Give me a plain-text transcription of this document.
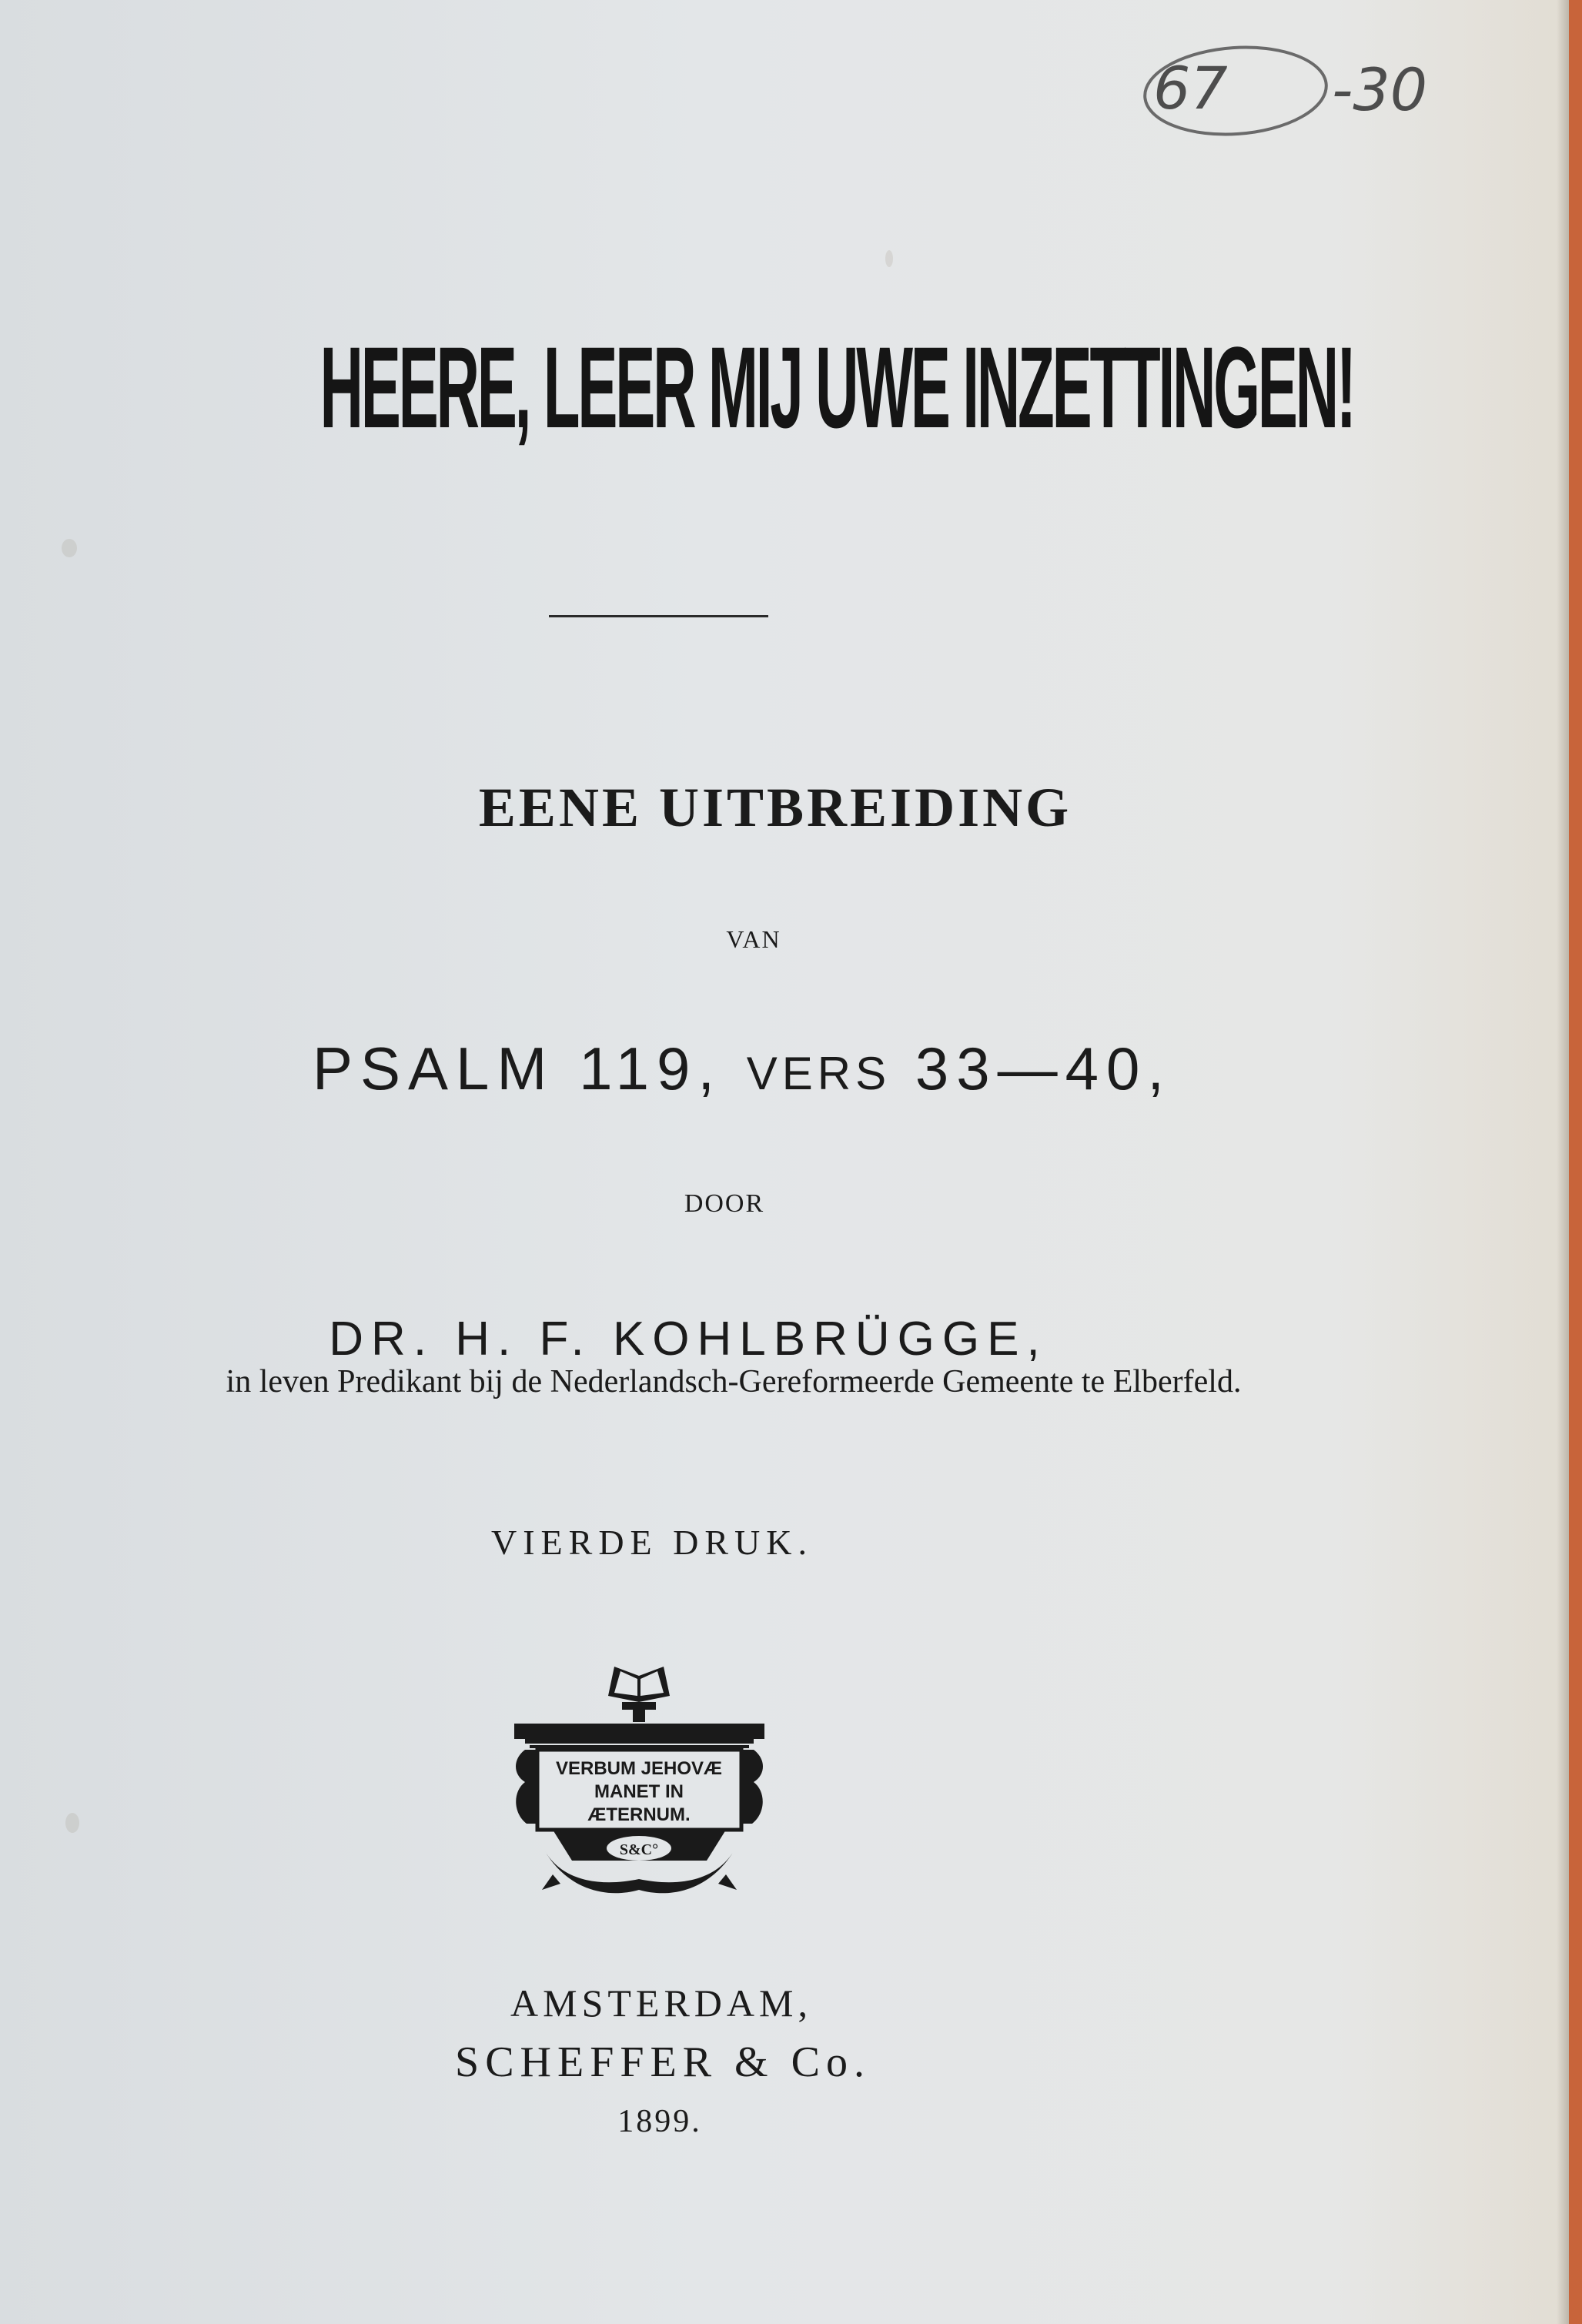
67 -30
HEERE, LEER MIJ UWE INZETTINGEN!
EENE UITBREIDING
VAN
PSALM 119, VERS 33—40,
DOOR
DR. H. F. KOHLBRÜGGE,
in leven Predikant bij de Nederlandsch-Gereformeerde Gemeente te Elberfeld.
VIERDE DRUK.
VERBUM JEHOVÆ
MANET IN
ÆTERNUM.
S&C°
AMSTERDAM,
SCHEFFER & Co.
1899.
